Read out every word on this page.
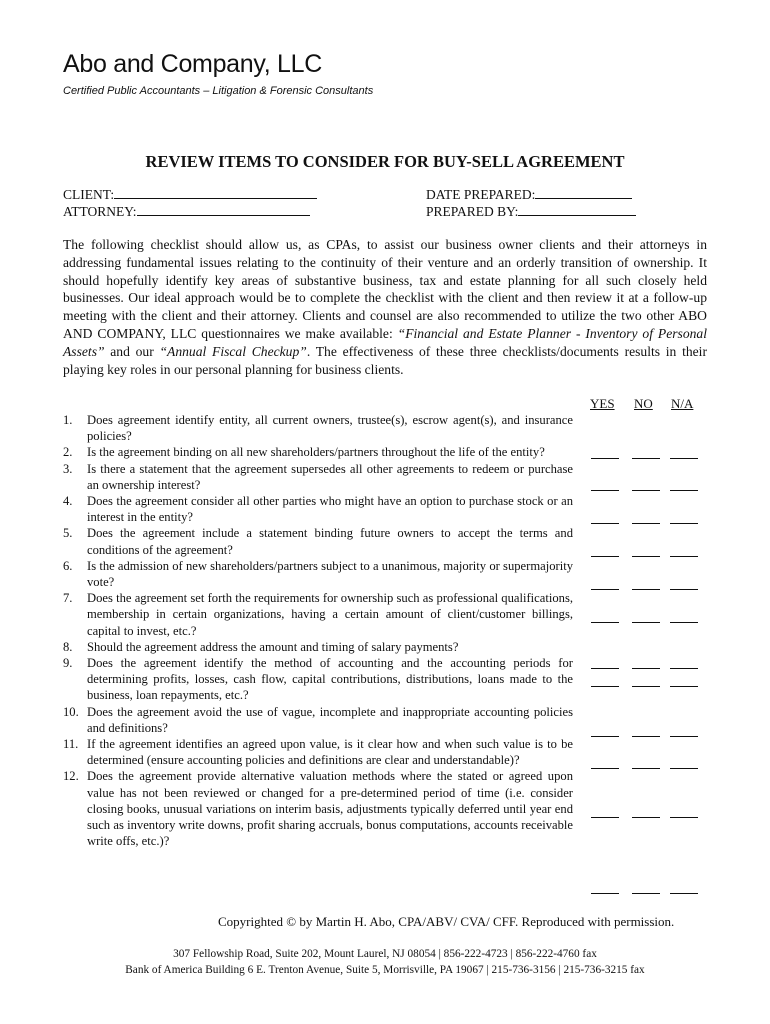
Abo and Company, LLC
Certified Public Accountants – Litigation & Forensic Consultants
REVIEW ITEMS TO CONSIDER FOR BUY-SELL AGREEMENT
CLIENT:
ATTORNEY:
DATE PREPARED:
PREPARED BY:
The following checklist should allow us, as CPAs, to assist our business owner clients and their attorneys in addressing fundamental issues relating to the continuity of their venture and an orderly transition of ownership. It should hopefully identify key areas of substantive business, tax and estate planning for all such closely held businesses. Our ideal approach would be to complete the checklist with the client and then review it at a follow-up meeting with the client and their attorney. Clients and counsel are also recommended to utilize the two other ABO AND COMPANY, LLC questionnaires we make available: “Financial and Estate Planner - Inventory of Personal Assets” and our “Annual Fiscal Checkup”. The effectiveness of these three checklists/documents results in their playing key roles in our personal planning for business clients.
YES NO N/A
1. Does agreement identify entity, all current owners, trustee(s), escrow agent(s), and insurance policies?
2. Is the agreement binding on all new shareholders/partners throughout the life of the entity?
3. Is there a statement that the agreement supersedes all other agreements to redeem or purchase an ownership interest?
4. Does the agreement consider all other parties who might have an option to purchase stock or an interest in the entity?
5. Does the agreement include a statement binding future owners to accept the terms and conditions of the agreement?
6. Is the admission of new shareholders/partners subject to a unanimous, majority or supermajority vote?
7. Does the agreement set forth the requirements for ownership such as professional qualifications, membership in certain organizations, having a certain amount of client/customer billings, capital to invest, etc.?
8. Should the agreement address the amount and timing of salary payments?
9. Does the agreement identify the method of accounting and the accounting periods for determining profits, losses, cash flow, capital contributions, distributions, loans made to the business, loan repayments, etc.?
10. Does the agreement avoid the use of vague, incomplete and inappropriate accounting policies and definitions?
11. If the agreement identifies an agreed upon value, is it clear how and when such value is to be determined (ensure accounting policies and definitions are clear and understandable)?
12. Does the agreement provide alternative valuation methods where the stated or agreed upon value has not been reviewed or changed for a pre-determined period of time (i.e. consider closing books, unusual variations on interim basis, adjustments typically deferred until year end such as inventory write downs, profit sharing accruals, bonus computations, accounts receivable write offs, etc.)?
Copyrighted © by Martin H. Abo, CPA/ABV/ CVA/ CFF. Reproduced with permission.
307 Fellowship Road, Suite 202, Mount Laurel, NJ 08054 | 856-222-4723 | 856-222-4760 fax
Bank of America Building 6 E. Trenton Avenue, Suite 5, Morrisville, PA 19067 | 215-736-3156 | 215-736-3215 fax
